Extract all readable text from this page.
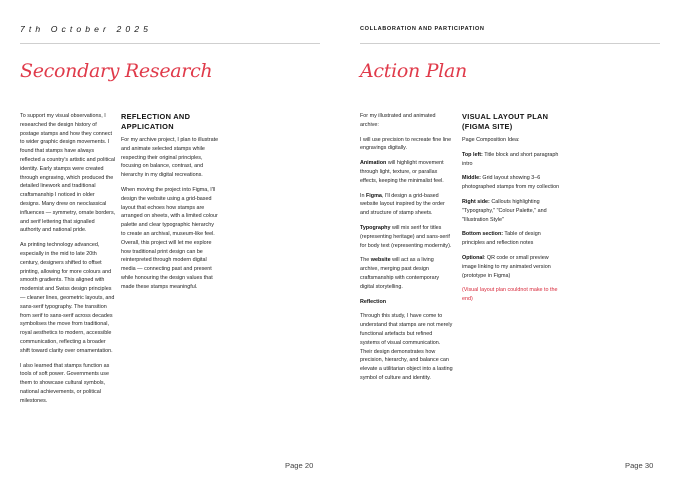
7th October 2025
Secondary Research

To support my visual observations, I researched the design history of postage stamps and how they connect to wider graphic design movements. I found that stamps have always reflected a country's artistic and political identity. Early stamps were created through engraving, which produced the detailed linework and traditional craftsmanship I noticed in older designs. Many drew on neoclassical influences — symmetry, ornate borders, and serif lettering that signalled authority and national pride.

As printing technology advanced, especially in the mid to late 20th century, designers shifted to offset printing, allowing for more colours and smooth gradients. This aligned with modernist and Swiss design principles — cleaner lines, geometric layouts, and sans-serif typography. The transition from serif to sans-serif across decades symbolises the move from traditional, royal aesthetics to modern, accessible communication, reflecting a broader shift toward clarity over ornamentation.

I also learned that stamps function as tools of soft power. Governments use them to showcase cultural symbols, national achievements, or political milestones.

REFLECTION AND APPLICATION

For my archive project, I plan to illustrate and animate selected stamps while respecting their original principles, focusing on balance, contrast, and hierarchy in my digital recreations.

When moving the project into Figma, I'll design the website using a grid-based layout that echoes how stamps are arranged on sheets, with a limited colour palette and clear typographic hierarchy to create an archival, museum-like feel. Overall, this project will let me explore how traditional print design can be reinterpreted through modern digital media — connecting past and present while honouring the design values that made these stamps meaningful.

Page 20
COLLABORATION AND PARTICIPATION
Action Plan

For my illustrated and animated archive:

I will use precision to recreate fine line engravings digitally.

Animation will highlight movement through light, texture, or parallax effects, keeping the minimalist feel.

In Figma, I'll design a grid-based website layout inspired by the order and structure of stamp sheets.

Typography will mix serif for titles (representing heritage) and sans-serif for body text (representing modernity).

The website will act as a living archive, merging past design craftsmanship with contemporary digital storytelling.

Reflection

Through this study, I have come to understand that stamps are not merely functional artefacts but refined systems of visual communication. Their design demonstrates how precision, hierarchy, and balance can elevate a utilitarian object into a lasting symbol of culture and identity.

VISUAL LAYOUT PLAN (FIGMA SITE)

Page Composition Idea:

Top left: Title block and short paragraph intro

Middle: Grid layout showing 3–6 photographed stamps from my collection

Right side: Callouts highlighting "Typography," "Colour Palette," and "Illustration Style"

Bottom section: Table of design principles and reflection notes

Optional: QR code or small preview image linking to my animated version (prototype in Figma)

(Visual layout plan couldnot make to the end)

Page 30
